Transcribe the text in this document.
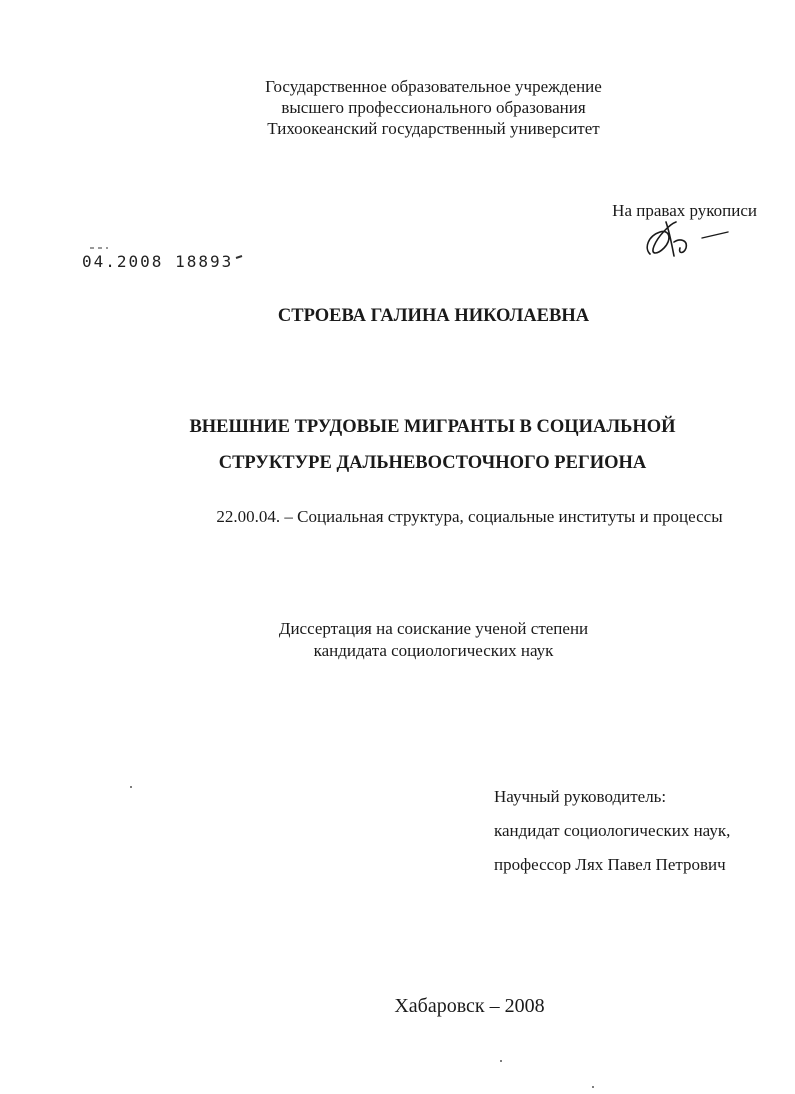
Государственное образовательное учреждение
высшего профессионального образования
Тихоокеанский государственный университет
На правах рукописи
04.2008 18893
СТРОЕВА ГАЛИНА НИКОЛАЕВНА
ВНЕШНИЕ ТРУДОВЫЕ МИГРАНТЫ В СОЦИАЛЬНОЙ
СТРУКТУРЕ ДАЛЬНЕВОСТОЧНОГО РЕГИОНА
22.00.04. – Социальная структура, социальные институты и процессы
Диссертация на соискание ученой степени
кандидата социологических наук
Научный руководитель:
кандидат социологических наук,
профессор Лях Павел Петрович
Хабаровск – 2008
